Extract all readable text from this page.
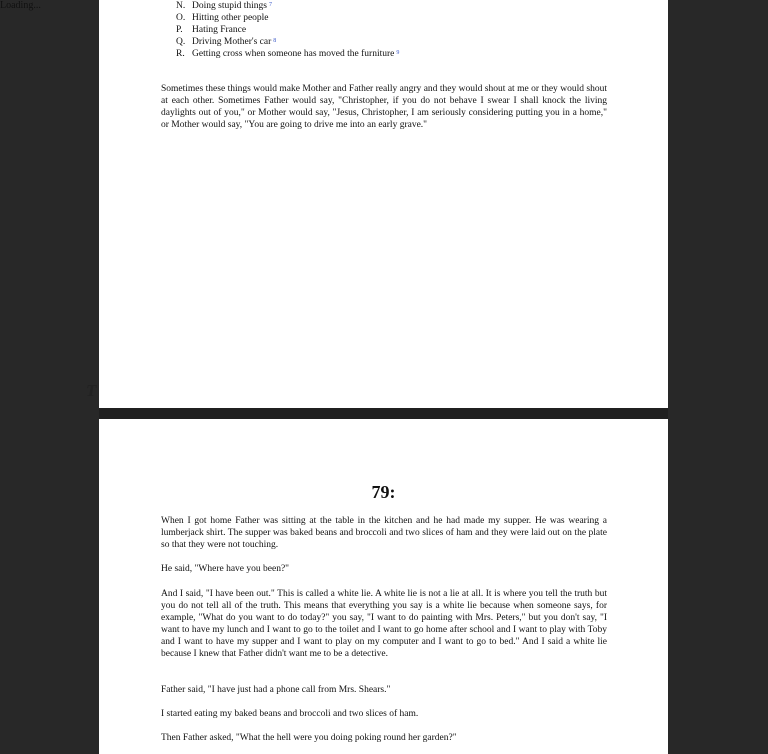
Loading...
T
N. Doing stupid things 7
O. Hitting other people
P. Hating France
Q. Driving Mother's car 8
R. Getting cross when someone has moved the furniture 9

Sometimes these things would make Mother and Father really angry and they would shout at me or they would shout at each other. Sometimes Father would say, "Christopher, if you do not behave I swear I shall knock the living daylights out of you," or Mother would say, "Jesus, Christopher, I am seriously considering putting you in a home," or Mother would say, "You are going to drive me into an early grave."

79:

When I got home Father was sitting at the table in the kitchen and he had made my supper. He was wearing a lumberjack shirt. The supper was baked beans and broccoli and two slices of ham and they were laid out on the plate so that they were not touching.

He said, "Where have you been?"

And I said, "I have been out." This is called a white lie. A white lie is not a lie at all. It is where you tell the truth but you do not tell all of the truth. This means that everything you say is a white lie because when someone says, for example, "What do you want to do today?" you say, "I want to do painting with Mrs. Peters," but you don't say, "I want to have my lunch and I want to go to the toilet and I want to go home after school and I want to play with Toby and I want to have my supper and I want to play on my computer and I want to go to bed." And I said a white lie because I knew that Father didn't want me to be a detective.

Father said, "I have just had a phone call from Mrs. Shears."

I started eating my baked beans and broccoli and two slices of ham.

Then Father asked, "What the hell were you doing poking round her garden?"
